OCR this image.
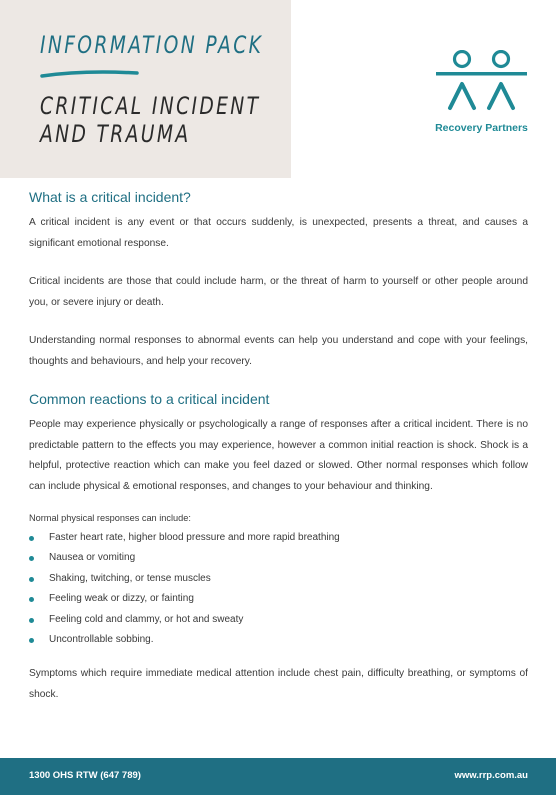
INFORMATION PACK
CRITICAL INCIDENT
AND TRAUMA	Recovery Partners
What is a critical incident?

A critical incident is any event or that occurs suddenly, is unexpected, presents a threat, and causes a significant emotional response.

Critical incidents are those that could include harm, or the threat of harm to yourself or other people around you, or severe injury or death.

Understanding normal responses to abnormal events can help you understand and cope with your feelings, thoughts and behaviours, and help your recovery.

Common reactions to a critical incident

People may experience physically or psychologically a range of responses after a critical incident. There is no predictable pattern to the effects you may experience, however a common initial reaction is shock. Shock is a helpful, protective reaction which can make you feel dazed or slowed. Other normal responses which follow can include physical & emotional responses, and changes to your behaviour and thinking.

Normal physical responses can include:

Faster heart rate, higher blood pressure and more rapid breathing
Nausea or vomiting
Shaking, twitching, or tense muscles
Feeling weak or dizzy, or fainting
Feeling cold and clammy, or hot and sweaty
Uncontrollable sobbing.

Symptoms which require immediate medical attention include chest pain, difficulty breathing, or symptoms of shock.

1300 OHS RTW (647 789)	www.rrp.com.au
